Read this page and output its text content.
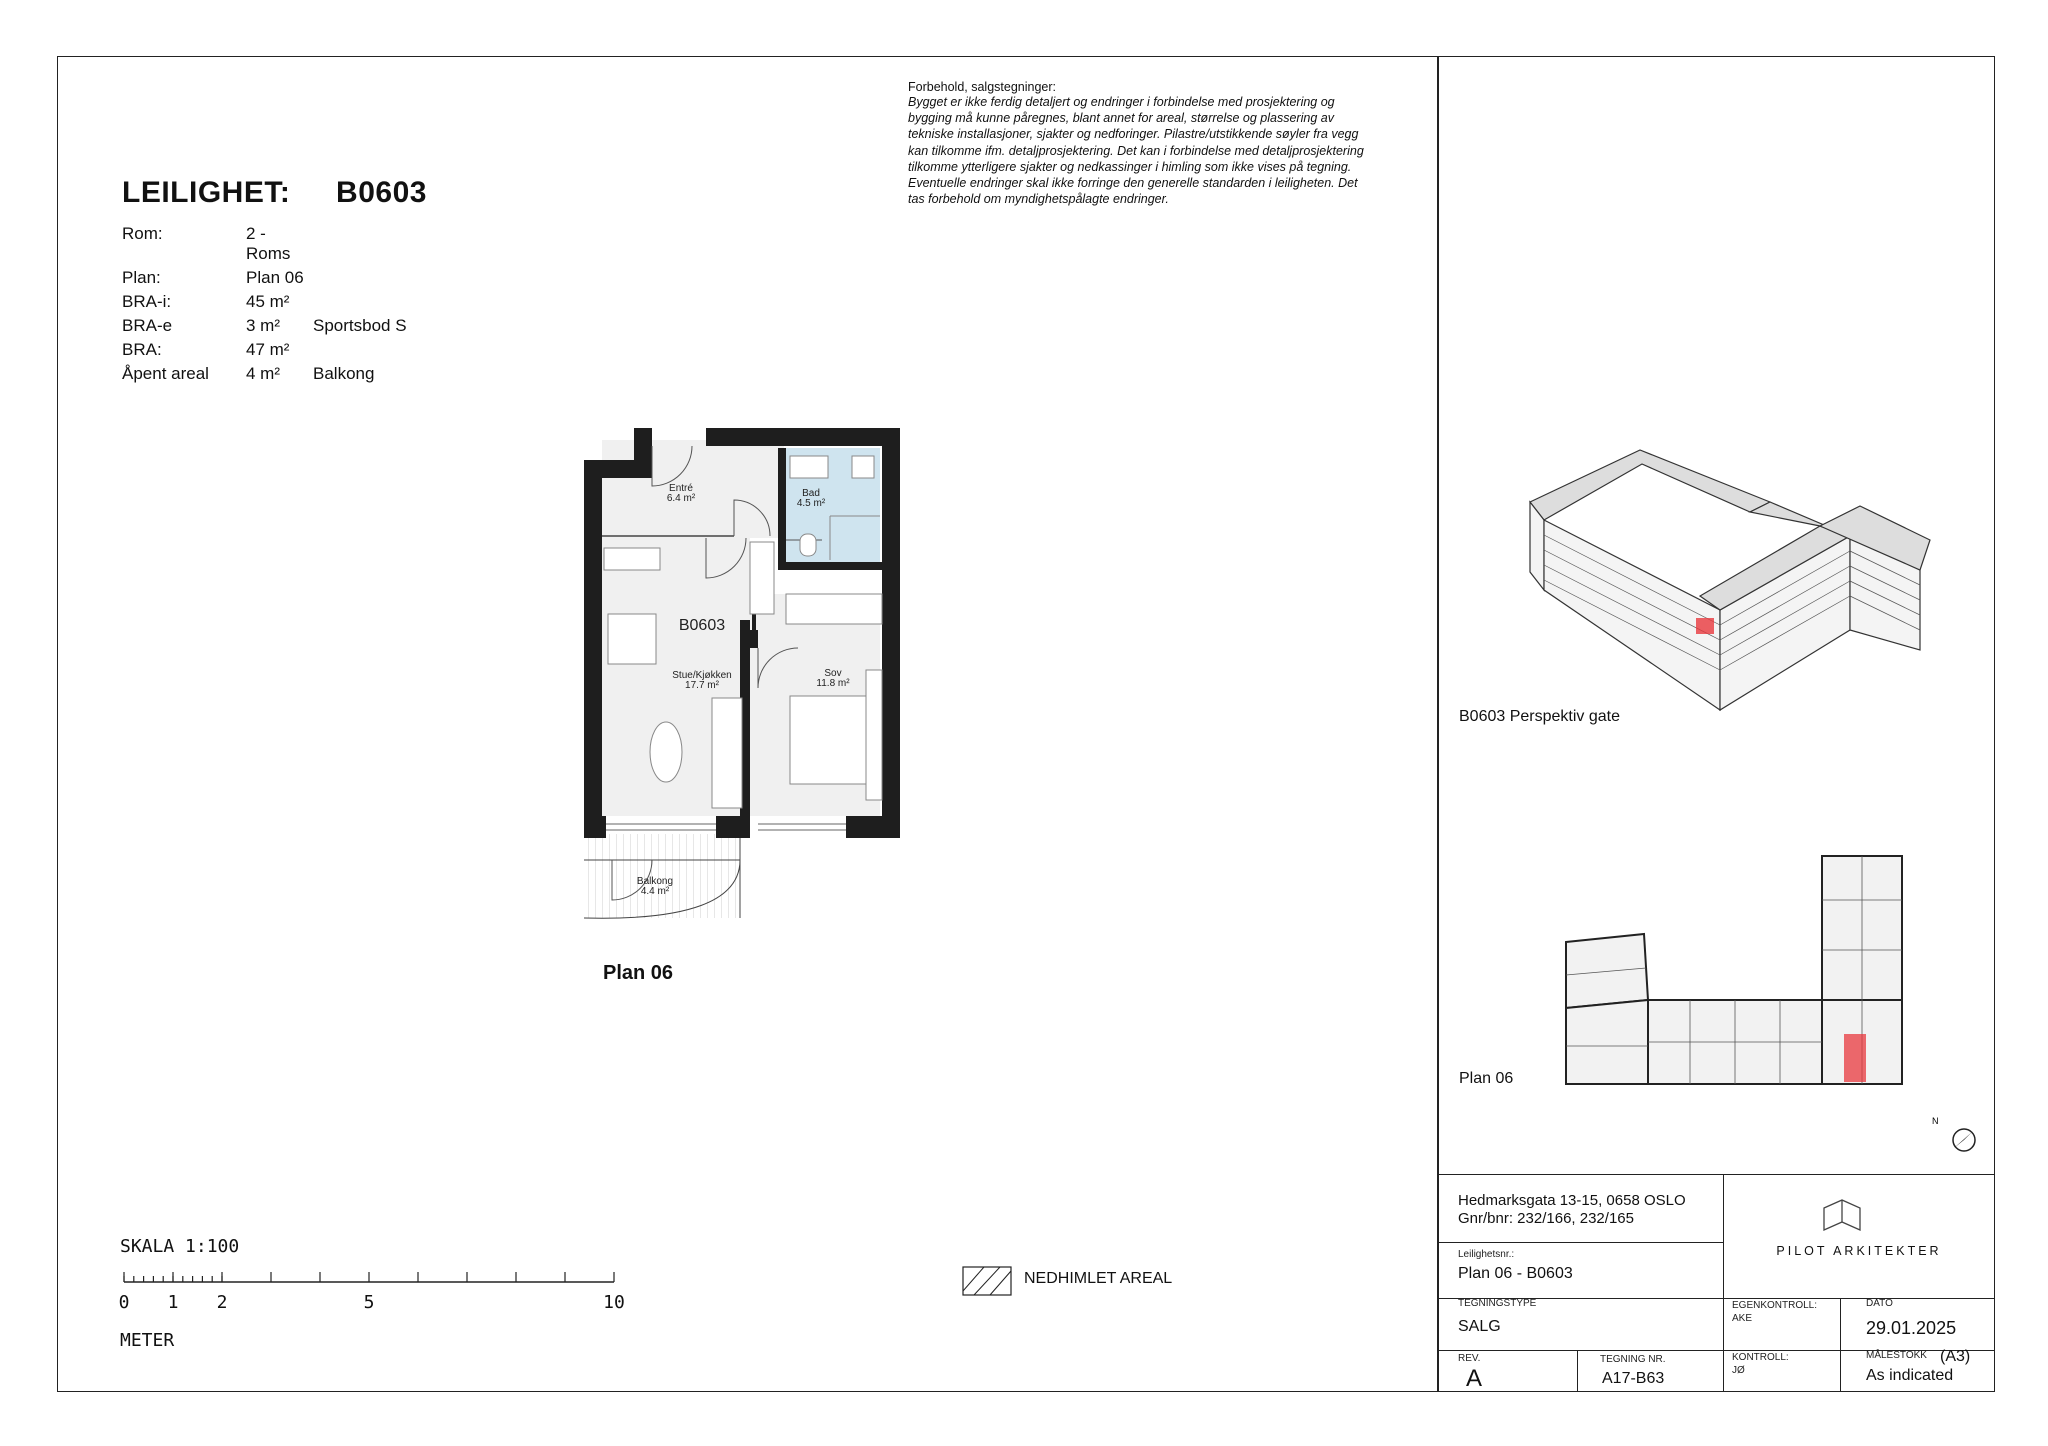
LEILIGHET: B0603
Rom:	2 - Roms	
Plan:	Plan 06	
BRA-i:	45 m²	
BRA-e	3 m²	Sportsbod S
BRA:	47 m²	
Åpent areal	4 m²	Balkong
Forbehold, salgstegninger:
Bygget er ikke ferdig detaljert og endringer i forbindelse med prosjektering og
bygging må kunne påregnes, blant annet for areal, størrelse og plassering av
tekniske installasjoner, sjakter og nedforinger. Pilastre/utstikkende søyler fra vegg
kan tilkomme ifm. detaljprosjektering. Det kan i forbindelse med detaljprosjektering
tilkomme ytterligere sjakter og nedkassinger i himling som ikke vises på tegning.
Eventuelle endringer skal ikke forringe den generelle standarden i leiligheten. Det
tas forbehold om myndighetspålagte endringer.
Entré
6.4 m²	Bad
4.5 m²
Stue/Kjøkken
17.7 m²
Sov
11.8 m²
Balkong
4.4 m²
B0603
Plan 06
B0603 Perspektiv gate
Plan 06
N
SKALA 1:100
0 1 2	5	10
METER
NEDHIMLET AREAL
Hedmarksgata 13-15, 0658 OSLO
Gnr/bnr: 232/166, 232/165
Leilighetsnr.:
Plan 06 - B0603
PILOT ARKITEKTER
TEGNINGSTYPE
SALG
EGENKONTROLL:
AKE
DATO
29.01.2025
REV.
A
TEGNING NR.
A17-B63
KONTROLL:
JØ
MÅLESTOKK (A3)
As indicated
